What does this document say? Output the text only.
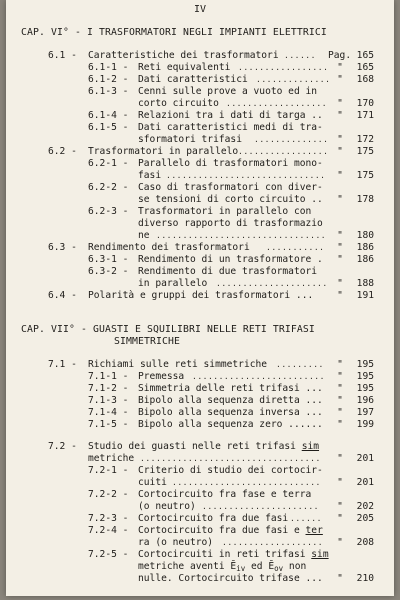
IV
CAP. VI° - I TRASFORMATORI NEGLI IMPIANTI ELETTRICI
6.1 - Caratteristiche dei trasformatori ......	Pag. 165
6.1-1 - Reti equivalenti ................. " 165
6.1-2 - Dati caratteristici .............. " 168
6.1-3 - Cenni sulle prove a vuoto ed in
corto circuito ...................	" 170
6.1-4 - Relazioni tra i dati di targa .. " 171
6.1-5 - Dati caratteristici medi di tra-
sformatori trifasi .............. " 172
6.2 - Trasformatori in parallelo ................. " 175
6.2-1 - Parallelo di trasformatori mono-
fasi ..............................	" 175
6.2-2 - Caso di trasformatori con diver-
se tensioni di corto circuito .. " 178
6.2-3 - Trasformatori in parallelo con
diverso rapporto di trasformazio
ne ................................	" 180
6.3 - Rendimento dei trasformatori ...........	" 186
6.3-1 - Rendimento di un trasformatore . " 186
6.3-2 - Rendimento di due trasformatori
in parallelo ..................... " 188
6.4 - Polarità e gruppi dei trasformatori ... " 191
CAP. VII° - GUASTI E SQUILIBRI NELLE RETI TRIFASI
SIMMETRICHE
7.1 - Richiami sulle reti simmetriche .........	" 195
7.1-1 - Premessa .........................	" 195
7.1-2 - Simmetria delle reti trifasi ... " 195
7.1-3 - Bipolo alla sequenza diretta ... " 196
7.1-4 - Bipolo alla sequenza inversa ... " 197
7.1-5 - Bipolo alla sequenza zero ...... " 199
7.2 - Studio dei guasti nelle reti trifasi sim
metriche ..................................	" 201
7.2-1 - Criterio di studio dei cortocir-
cuiti ............................	" 201
7.2-2 - Cortocircuito fra fase e terra
(o neutro) ......................	" 202
7.2-3 - Cortocircuito fra due fasi ......	" 205
7.2-4 - Cortocircuito fra due fasi e ter
ra (o neutro) ...................	" 208
7.2-5 - Cortocircuiti in reti trifasi sim
metriche aventi $Ē_{iv}$ ed $Ē_{ov}$ non
nulle. Cortocircuito trifase ... " 210
